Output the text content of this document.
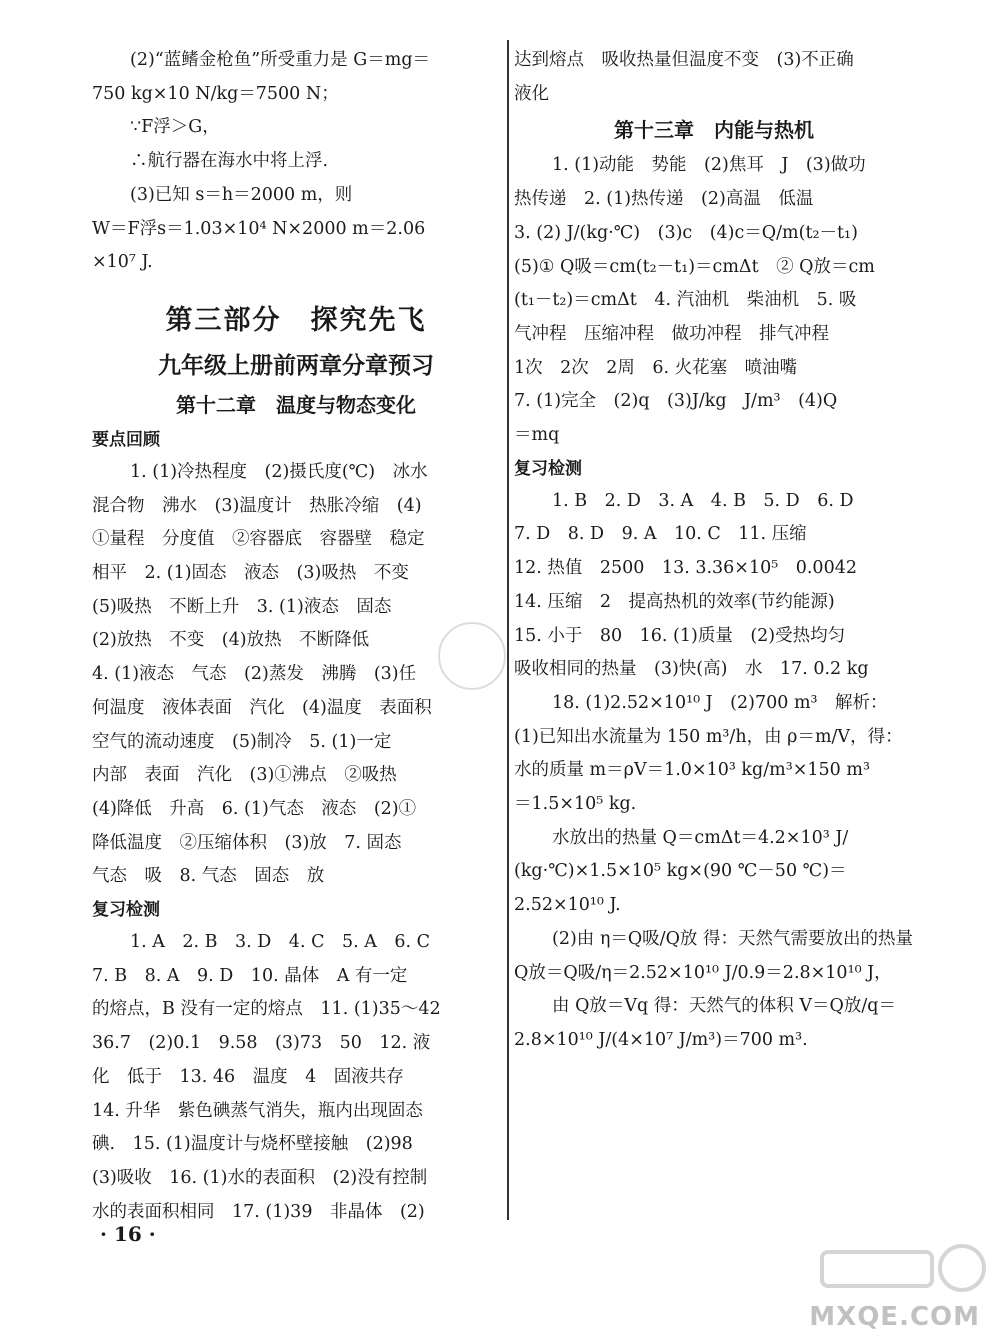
(2)“蓝鳍金枪鱼”所受重力是 G＝mg＝
750 kg×10 N/kg＝7500 N；
∵F浮＞G，
∴航行器在海水中将上浮.
(3)已知 s＝h＝2000 m，则
W＝F浮s＝1.03×10⁴ N×2000 m＝2.06
×10⁷ J.
第三部分　探究先飞
九年级上册前两章分章预习
第十二章　温度与物态变化
要点回顾
1. (1)冷热程度　(2)摄氏度(℃)　冰水
混合物　沸水　(3)温度计　热胀冷缩　(4)
①量程　分度值　②容器底　容器壁　稳定
相平　2. (1)固态　液态　(3)吸热　不变
(5)吸热　不断上升　3. (1)液态　固态
(2)放热　不变　(4)放热　不断降低
4. (1)液态　气态　(2)蒸发　沸腾　(3)任
何温度　液体表面　汽化　(4)温度　表面积
空气的流动速度　(5)制冷　5. (1)一定
内部　表面　汽化　(3)①沸点　②吸热
(4)降低　升高　6. (1)气态　液态　(2)①
降低温度　②压缩体积　(3)放　7. 固态
气态　吸　8. 气态　固态　放
复习检测
1. A　2. B　3. D　4. C　5. A　6. C
7. B　8. A　9. D　10. 晶体　A 有一定
的熔点，B 没有一定的熔点　11. (1)35～42
36.7　(2)0.1　9.58　(3)73　50　12. 液
化　低于　13. 46　温度　4　固液共存
14. 升华　紫色碘蒸气消失，瓶内出现固态
碘.　15. (1)温度计与烧杯壁接触　(2)98
(3)吸收　16. (1)水的表面积　(2)没有控制
水的表面积相同　17. (1)39　非晶体　(2)
达到熔点　吸收热量但温度不变　(3)不正确
液化
第十三章　内能与热机
1. (1)动能　势能　(2)焦耳　J　(3)做功
热传递　2. (1)热传递　(2)高温　低温
3. (2) J/(kg·℃)　(3)c　(4)c＝Q/m(t₂－t₁)
(5)① Q吸＝cm(t₂－t₁)＝cmΔt　② Q放＝cm
(t₁－t₂)＝cmΔt　4. 汽油机　柴油机　5. 吸
气冲程　压缩冲程　做功冲程　排气冲程
1次　2次　2周　6. 火花塞　喷油嘴
7. (1)完全　(2)q　(3)J/kg　J/m³　(4)Q
＝mq
复习检测
1. B　2. D　3. A　4. B　5. D　6. D
7. D　8. D　9. A　10. C　11. 压缩
12. 热值　2500　13. 3.36×10⁵　0.0042
14. 压缩　2　提高热机的效率(节约能源)
15. 小于　80　16. (1)质量　(2)受热均匀
吸收相同的热量　(3)快(高)　水　17. 0.2 kg
18. (1)2.52×10¹⁰ J　(2)700 m³　解析：
(1)已知出水流量为 150 m³/h，由 ρ＝m/V，得：
水的质量 m＝ρV＝1.0×10³ kg/m³×150 m³
＝1.5×10⁵ kg.
水放出的热量 Q＝cmΔt＝4.2×10³ J/
(kg·℃)×1.5×10⁵ kg×(90 ℃－50 ℃)＝
2.52×10¹⁰ J.
(2)由 η＝Q吸/Q放 得：天然气需要放出的热量
Q放＝Q吸/η＝2.52×10¹⁰ J/0.9＝2.8×10¹⁰ J，
由 Q放＝Vq 得：天然气的体积 V＝Q放/q＝
2.8×10¹⁰ J/(4×10⁷ J/m³)＝700 m³.
· 16 ·
MXQE.COM
